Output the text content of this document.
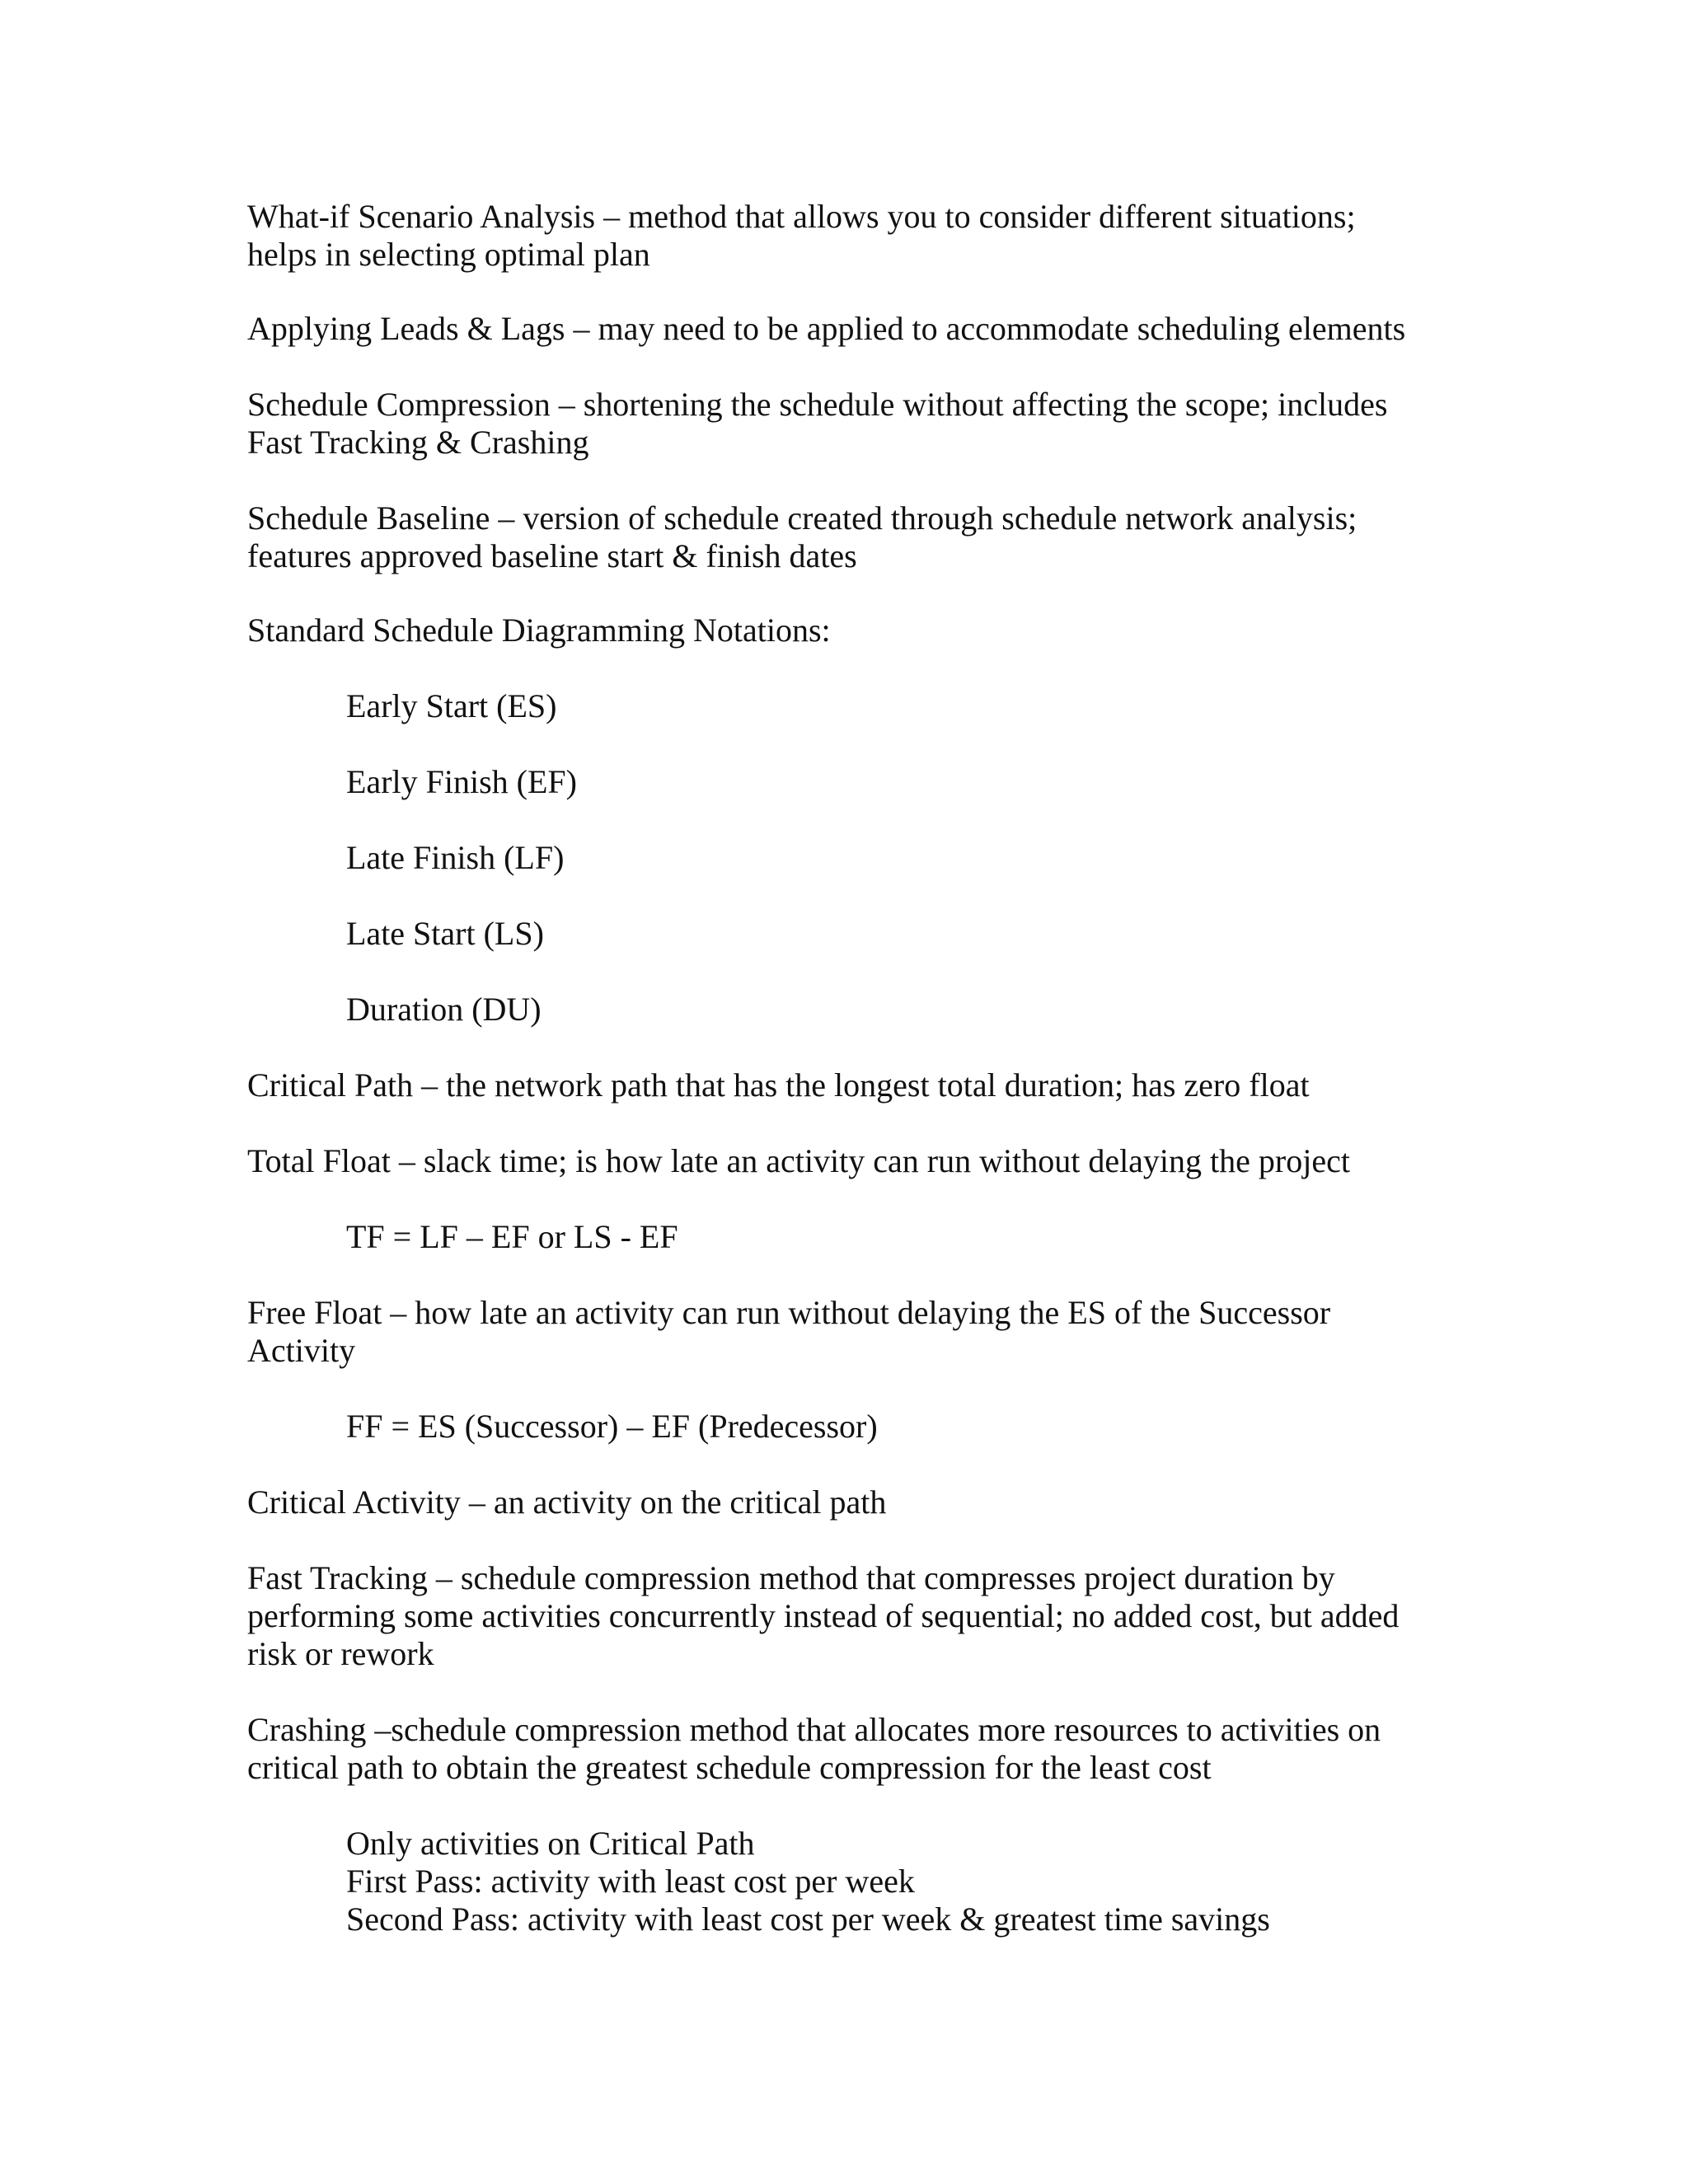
What-if Scenario Analysis – method that allows you to consider different situations;
helps in selecting optimal plan

Applying Leads & Lags – may need to be applied to accommodate scheduling elements

Schedule Compression – shortening the schedule without affecting the scope; includes
Fast Tracking & Crashing

Schedule Baseline – version of schedule created through schedule network analysis;
features approved baseline start & finish dates

Standard Schedule Diagramming Notations:

Early Start (ES)

Early Finish (EF)

Late Finish (LF)

Late Start (LS)

Duration (DU)

Critical Path – the network path that has the longest total duration; has zero float

Total Float – slack time; is how late an activity can run without delaying the project

TF = LF – EF or LS - EF

Free Float – how late an activity can run without delaying the ES of the Successor
Activity

FF = ES (Successor) – EF (Predecessor)

Critical Activity – an activity on the critical path

Fast Tracking – schedule compression method that compresses project duration by
performing some activities concurrently instead of sequential; no added cost, but added
risk or rework

Crashing –schedule compression method that allocates more resources to activities on
critical path to obtain the greatest schedule compression for the least cost

Only activities on Critical Path
First Pass: activity with least cost per week
Second Pass: activity with least cost per week & greatest time savings
